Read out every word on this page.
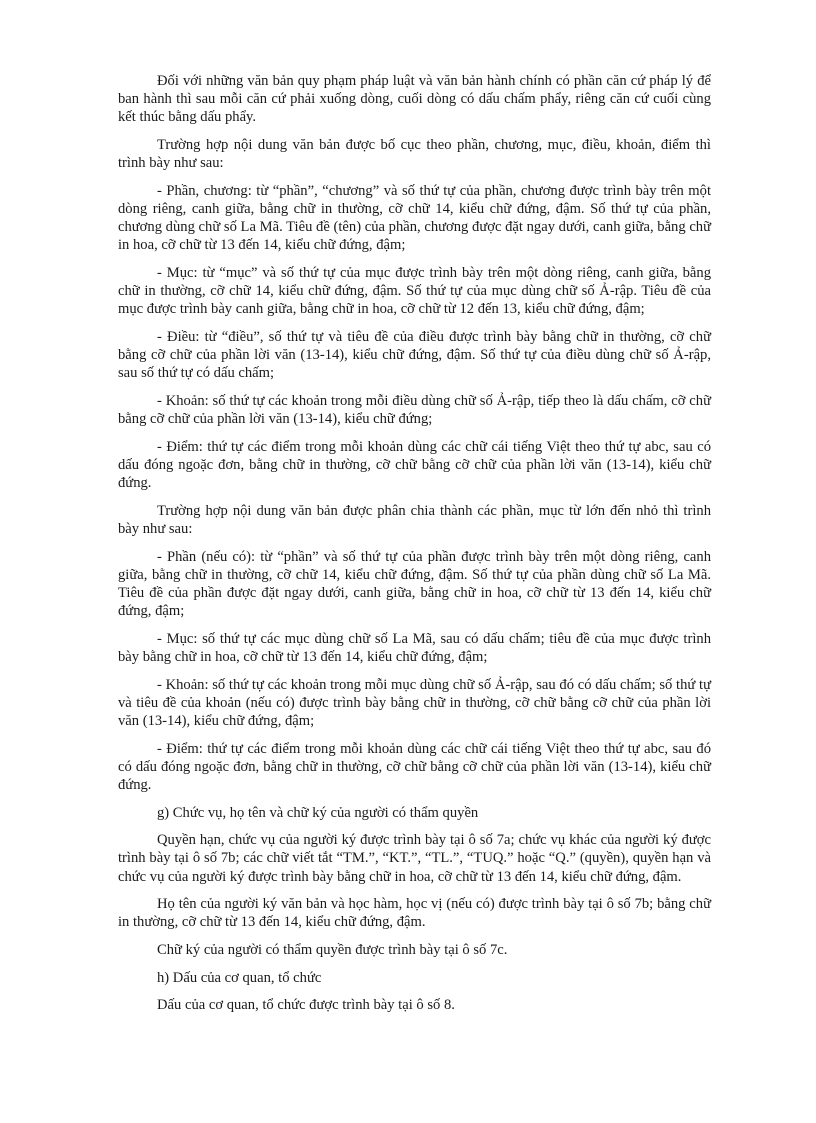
Đối với những văn bản quy phạm pháp luật và văn bản hành chính có phần căn cứ pháp lý để ban hành thì sau mỗi căn cứ phải xuống dòng, cuối dòng có dấu chấm phẩy, riêng căn cứ cuối cùng kết thúc bằng dấu phẩy.

Trường hợp nội dung văn bản được bố cục theo phần, chương, mục, điều, khoản, điểm thì trình bày như sau:

- Phần, chương: từ “phần”, “chương” và số thứ tự của phần, chương được trình bày trên một dòng riêng, canh giữa, bằng chữ in thường, cỡ chữ 14, kiểu chữ đứng, đậm. Số thứ tự của phần, chương dùng chữ số La Mã. Tiêu đề (tên) của phần, chương được đặt ngay dưới, canh giữa, bằng chữ in hoa, cỡ chữ từ 13 đến 14, kiểu chữ đứng, đậm;

- Mục: từ “mục” và số thứ tự của mục được trình bày trên một dòng riêng, canh giữa, bằng chữ in thường, cỡ chữ 14, kiểu chữ đứng, đậm. Số thứ tự của mục dùng chữ số Ả-rập. Tiêu đề của mục được trình bày canh giữa, bằng chữ in hoa, cỡ chữ từ 12 đến 13, kiểu chữ đứng, đậm;

- Điều: từ “điều”, số thứ tự và tiêu đề của điều được trình bày bằng chữ in thường, cỡ chữ bằng cỡ chữ của phần lời văn (13-14), kiểu chữ đứng, đậm. Số thứ tự của điều dùng chữ số Ả-rập, sau số thứ tự có dấu chấm;

- Khoản: số thứ tự các khoản trong mỗi điều dùng chữ số Ả-rập, tiếp theo là dấu chấm, cỡ chữ bằng cỡ chữ của phần lời văn (13-14), kiểu chữ đứng;

- Điểm: thứ tự các điểm trong mỗi khoản dùng các chữ cái tiếng Việt theo thứ tự abc, sau có dấu đóng ngoặc đơn, bằng chữ in thường, cỡ chữ bằng cỡ chữ của phần lời văn (13-14), kiểu chữ đứng.

Trường hợp nội dung văn bản được phân chia thành các phần, mục từ lớn đến nhỏ thì trình bày như sau:

- Phần (nếu có): từ “phần” và số thứ tự của phần được trình bày trên một dòng riêng, canh giữa, bằng chữ in thường, cỡ chữ 14, kiểu chữ đứng, đậm. Số thứ tự của phần dùng chữ số La Mã. Tiêu đề của phần được đặt ngay dưới, canh giữa, bằng chữ in hoa, cỡ chữ từ 13 đến 14, kiểu chữ đứng, đậm;

- Mục: số thứ tự các mục dùng chữ số La Mã, sau có dấu chấm; tiêu đề của mục được trình bày bằng chữ in hoa, cỡ chữ từ 13 đến 14, kiểu chữ đứng, đậm;

- Khoản: số thứ tự các khoản trong mỗi mục dùng chữ số Ả-rập, sau đó có dấu chấm; số thứ tự và tiêu đề của khoản (nếu có) được trình bày bằng chữ in thường, cỡ chữ bằng cỡ chữ của phần lời văn (13-14), kiểu chữ đứng, đậm;

- Điểm: thứ tự các điểm trong mỗi khoản dùng các chữ cái tiếng Việt theo thứ tự abc, sau đó có dấu đóng ngoặc đơn, bằng chữ in thường, cỡ chữ bằng cỡ chữ của phần lời văn (13-14), kiểu chữ đứng.

g) Chức vụ, họ tên và chữ ký của người có thẩm quyền

Quyền hạn, chức vụ của người ký được trình bày tại ô số 7a; chức vụ khác của người ký được trình bày tại ô số 7b; các chữ viết tắt “TM.”, “KT.”, “TL.”, “TUQ.” hoặc “Q.” (quyền), quyền hạn và chức vụ của người ký được trình bày bằng chữ in hoa, cỡ chữ từ 13 đến 14, kiểu chữ đứng, đậm.

Họ tên của người ký văn bản và học hàm, học vị (nếu có) được trình bày tại ô số 7b; bằng chữ in thường, cỡ chữ từ 13 đến 14, kiểu chữ đứng, đậm.

Chữ ký của người có thẩm quyền được trình bày tại ô số 7c.

h) Dấu của cơ quan, tổ chức

Dấu của cơ quan, tổ chức được trình bày tại ô số 8.
